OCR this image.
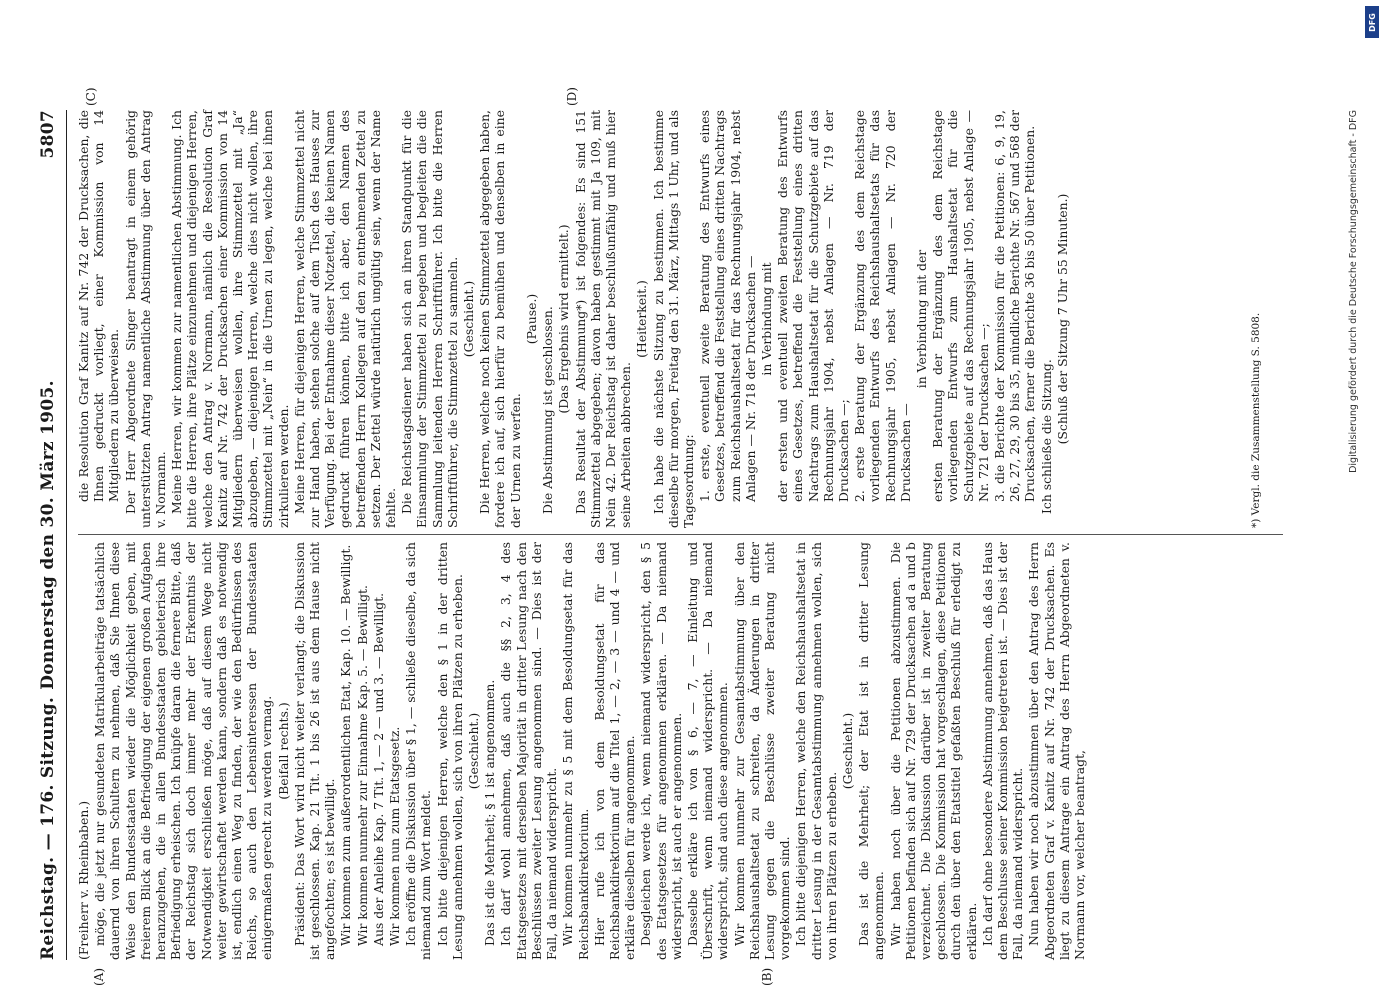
Reichstag. — 176. Sitzung.
Donnerstag den 30. März 1905.
5807
(A)	(B)
(C)	(D)

(Freiherr v. Rheinbaben.) möge, die jetzt nur gesundeten Matrikularbeiträge tatsächlich dauernd von ihren Schultern zu nehmen, daß Sie Ihnen diese Weise den Bundesstaaten wieder die Möglichkeit geben, mit freierem Blick an die Befriedigung der eigenen großen Aufgaben heranzugehen, die in allen Bundesstaaten gebieterisch ihre Befriedigung erheischen. Ich knüpfe daran die fernere Bitte, daß der Reichstag sich doch immer mehr der Erkenntnis der Notwendigkeit erschließen möge, daß auf diesem Wege nicht weiter gewirtschaftet werden kann, sondern daß es notwendig ist, endlich einen Weg zu finden, der wie den Bedürfnissen des Reichs, so auch den Lebensinteressen der Bundesstaaten einigermaßen gerecht zu werden vermag. (Beifall rechts.) Präsident: Das Wort wird nicht weiter verlangt; die Diskussion ist geschlossen. Kap. 21 Tit. 1 bis 26 ist aus dem Hause nicht angefochten; es ist bewilligt. Wir kommen zum außerordentlichen Etat, Kap. 10. — Bewilligt. Wir kommen nunmehr zur Einnahme Kap. 5. — Bewilligt. Aus der Anleihe Kap. 7 Tit. 1, — 2 — und 3. — Bewilligt. Wir kommen nun zum Etatsgesetz. Ich eröffne die Diskussion über § 1, — schließe dieselbe, da sich niemand zum Wort meldet. Ich bitte diejenigen Herren, welche den § 1 in der dritten Lesung annehmen wollen, sich von ihren Plätzen zu erheben. (Geschieht.) Das ist die Mehrheit; § 1 ist angenommen. Ich darf wohl annehmen, daß auch die §§ 2, 3, 4 des Etatsgesetzes mit derselben Majorität in dritter Lesung nach den Beschlüssen zweiter Lesung angenommen sind. — Dies ist der Fall, da niemand widerspricht. Wir kommen nunmehr zu § 5 mit dem Besoldungsetat für das Reichsbankdirektorium. Hier rufe ich von dem Besoldungsetat für das Reichsbankdirektorium auf die Titel 1, — 2, — 3 — und 4 — und erkläre dieselben für angenommen. Desgleichen werde ich, wenn niemand widerspricht, den § 5 des Etatsgesetzes für angenommen erklären. — Da niemand widerspricht, ist auch er angenommen. Dasselbe erkläre ich von § 6, — 7, — Einleitung und Überschrift, wenn niemand widerspricht. — Da niemand widerspricht, sind auch diese angenommen. Wir kommen nunmehr zur Gesamtabstimmung über den Reichshaushaltsetat zu schreiten, da Änderungen in dritter Lesung gegen die Beschlüsse zweiter Beratung nicht vorgekommen sind. Ich bitte diejenigen Herren, welche den Reichshaushaltsetat in dritter Lesung in der Gesamtabstimmung annehmen wollen, sich von ihren Plätzen zu erheben.

(Geschieht.) Das ist die Mehrheit; der Etat ist in dritter Lesung angenommen. Wir haben noch über die Petitionen abzustimmen. Die Petitionen befinden sich auf Nr. 729 der Drucksachen ad a und b verzeichnet. Die Diskussion darüber ist in zweiter Beratung geschlossen. Die Kommission hat vorgeschlagen, diese Petitionen durch den über den Etatstitel gefaßten Beschluß für erledigt zu erklären. Ich darf ohne besondere Abstimmung annehmen, daß das Haus dem Beschlusse seiner Kommission beigetreten ist. — Dies ist der Fall, da niemand widerspricht. Nun haben wir noch abzustimmen über den Antrag des Herrn Abgeordneten Graf v. Kanitz auf Nr. 742 der Drucksachen. Es liegt zu diesem Antrage ein Antrag des Herrn Abgeordneten v. Normann vor, welcher beantragt,

die Resolution Graf Kanitz auf Nr. 742 der Drucksachen, die Ihnen gedruckt vorliegt, einer Kommission von 14 Mitgliedern zu überweisen. Der Herr Abgeordnete Singer beantragt in einem gehörig unterstützten Antrag namentliche Abstimmung über den Antrag v. Normann. Meine Herren, wir kommen zur namentlichen Abstimmung. Ich bitte die Herren, ihre Plätze einzunehmen und diejenigen Herren, welche den Antrag v. Normann, nämlich die Resolution Graf Kanitz auf Nr. 742 der Drucksachen einer Kommission von 14 Mitgliedern überweisen wollen, ihre Stimmzettel mit „Ja“ abzugeben, — diejenigen Herren, welche dies nicht wollen, ihre Stimmzettel mit „Nein“ in die Urnen zu legen, welche bei ihnen zirkulieren werden. Meine Herren, für diejenigen Herren, welche Stimmzettel nicht zur Hand haben, stehen solche auf dem Tisch des Hauses zur Verfügung. Bei der Entnahme dieser Notzettel, die keinen Namen gedruckt führen können, bitte ich aber, den Namen des betreffenden Herrn Kollegen auf den zu entnehmenden Zettel zu setzen. Der Zettel würde natürlich ungültig sein, wenn der Name fehlte. Die Reichstagsdiener haben sich an ihren Standpunkt für die Einsammlung der Stimmzettel zu begeben und begleiten die die Sammlung leitenden Herren Schriftführer. Ich bitte die Herren Schriftführer, die Stimmzettel zu sammeln. (Geschieht.) Die Herren, welche noch keinen Stimmzettel abgegeben haben, fordere ich auf, sich hierfür zu bemühen und denselben in eine der Urnen zu werfen.

(Pause.) Die Abstimmung ist geschlossen. (Das Ergebnis wird ermittelt.) Das Resultat der Abstimmung*) ist folgendes: Es sind 151 Stimmzettel abgegeben; davon haben gestimmt mit Ja 109, mit Nein 42. Der Reichstag ist daher beschlußunfähig und muß hier seine Arbeiten abbrechen.

(Heiterkeit.) Ich habe die nächste Sitzung zu bestimmen. Ich bestimme dieselbe für morgen, Freitag den 31. März, Mittags 1 Uhr, und als Tagesordnung: 1. erste, eventuell zweite Beratung des Entwurfs eines Gesetzes, betreffend die Feststellung eines dritten Nachtrags zum Reichshaushaltsetat für das Rechnungsjahr 1904, nebst Anlagen — Nr. 718 der Drucksachen — in Verbindung mit der ersten und eventuell zweiten Beratung des Entwurfs eines Gesetzes, betreffend die Feststellung eines dritten Nachtrags zum Haushaltsetat für die Schutzgebiete auf das Rechnungsjahr 1904, nebst Anlagen — Nr. 719 der Drucksachen —; 2. erste Beratung der Ergänzung des dem Reichstage vorliegenden Entwurfs des Reichshaushaltsetats für das Rechnungsjahr 1905, nebst Anlagen — Nr. 720 der Drucksachen —

in Verbindung mit der ersten Beratung der Ergänzung des dem Reichstage vorliegenden Entwurfs zum Haushaltsetat für die Schutzgebiete auf das Rechnungsjahr 1905, nebst Anlage — Nr. 721 der Drucksachen —; 3. die Berichte der Kommission für die Petitionen: 6, 9, 19, 26, 27, 29, 30 bis 35, mündliche Berichte Nr. 567 und 568 der Drucksachen, ferner die Berichte 36 bis 50 über Petitionen. Ich schließe die Sitzung. (Schluß der Sitzung 7 Uhr 55 Minuten.)	*) Vergl. die Zusammenstellung S. 5808.	Digitalisierung gefördert durch die Deutsche Forschungsgemeinschaft - DFG
DFG
